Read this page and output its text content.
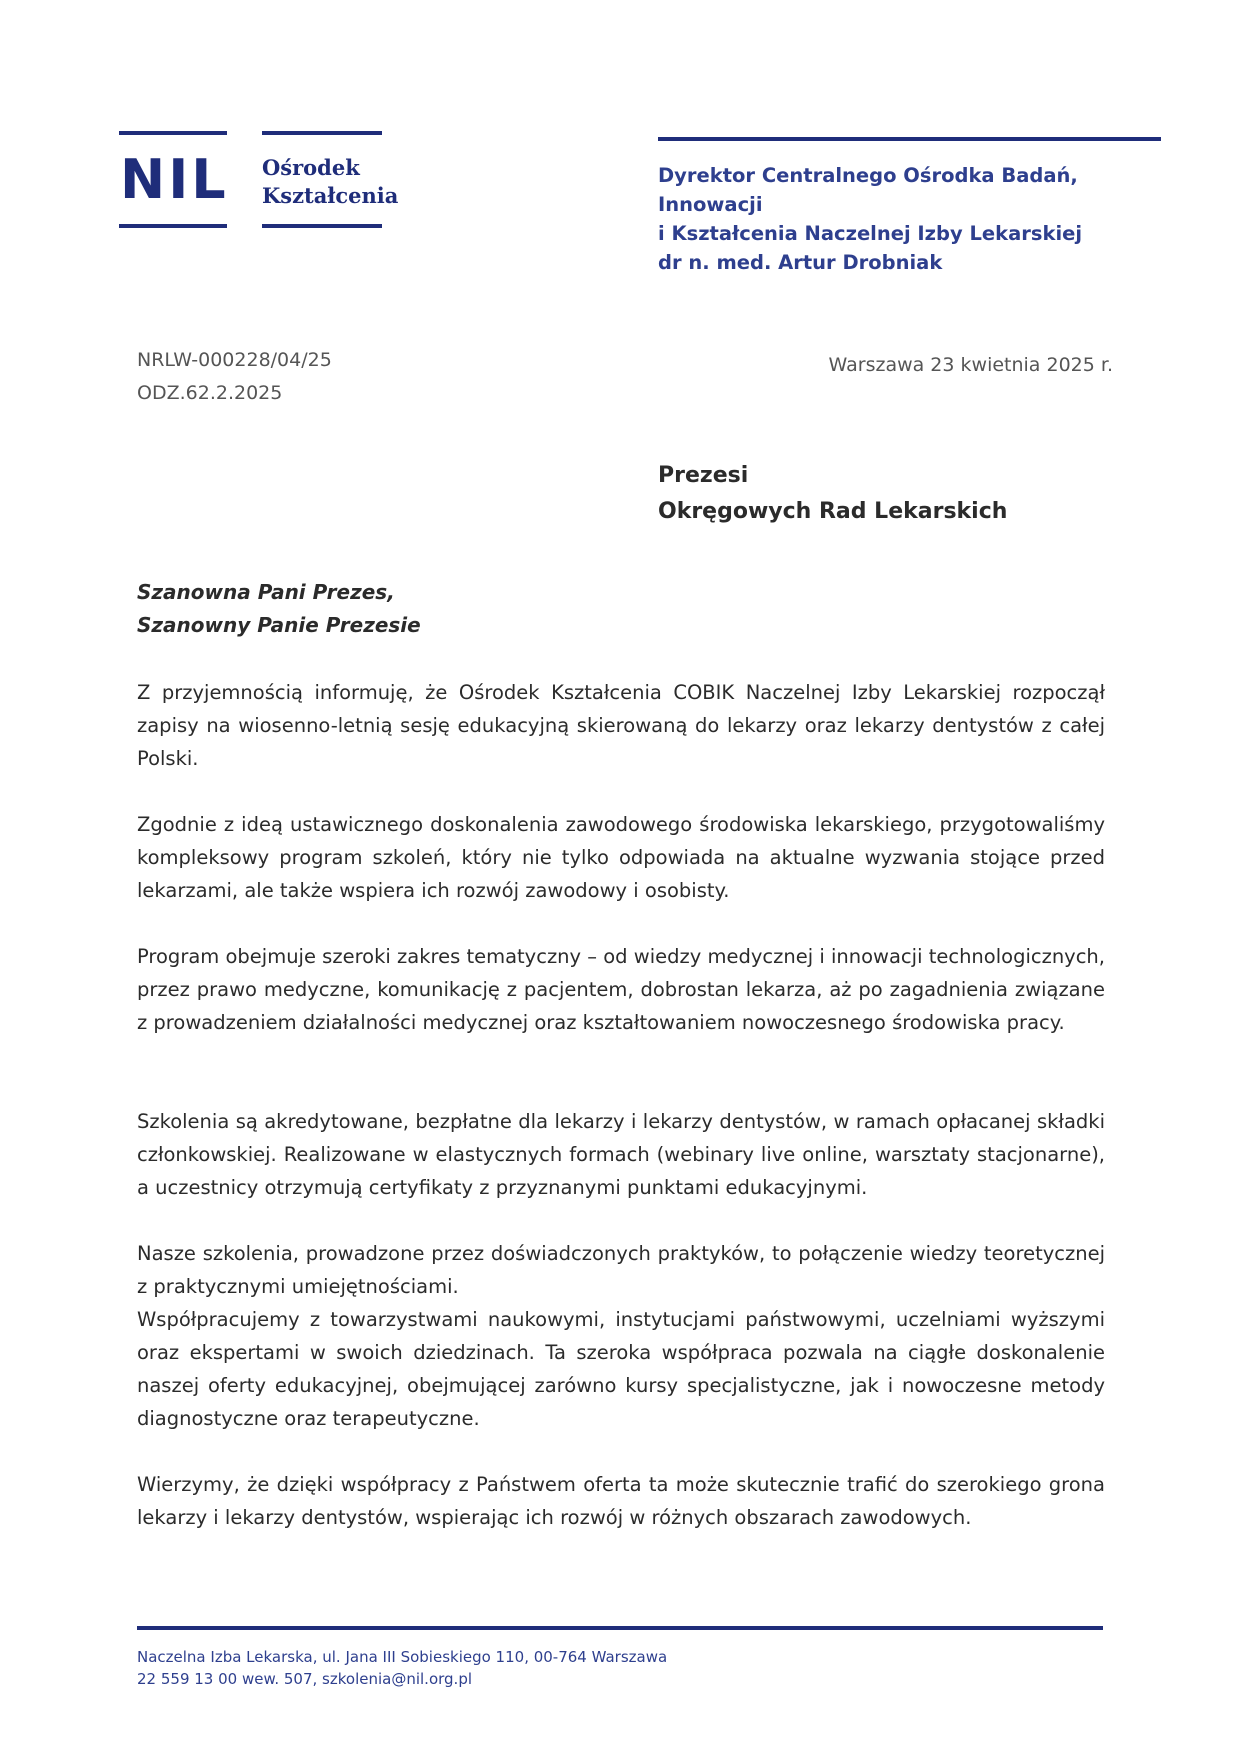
NIL Ośrodek
Kształcenia
Dyrektor Centralnego Ośrodka Badań, Innowacji
i Kształcenia Naczelnej Izby Lekarskiej
dr n. med. Artur Drobniak
NRLW-000228/04/25
ODZ.62.2.2025
Warszawa 23 kwietnia 2025 r.
Prezesi
Okręgowych Rad Lekarskich
Szanowna Pani Prezes,
Szanowny Panie Prezesie

Z przyjemnością informuję, że Ośrodek Kształcenia COBIK Naczelnej Izby Lekarskiej rozpoczął zapisy na wiosenno-letnią sesję edukacyjną skierowaną do lekarzy oraz lekarzy dentystów z całej Polski.

Zgodnie z ideą ustawicznego doskonalenia zawodowego środowiska lekarskiego, przygotowaliśmy kompleksowy program szkoleń, który nie tylko odpowiada na aktualne wyzwania stojące przed lekarzami, ale także wspiera ich rozwój zawodowy i osobisty.

Program obejmuje szeroki zakres tematyczny – od wiedzy medycznej i innowacji technologicznych, przez prawo medyczne, komunikację z pacjentem, dobrostan lekarza, aż po zagadnienia związane z prowadzeniem działalności medycznej oraz kształtowaniem nowoczesnego środowiska pracy.

Szkolenia są akredytowane, bezpłatne dla lekarzy i lekarzy dentystów, w ramach opłacanej składki członkowskiej. Realizowane w elastycznych formach (webinary live online, warsztaty stacjonarne), a uczestnicy otrzymują certyfikaty z przyznanymi punktami edukacyjnymi.

Nasze szkolenia, prowadzone przez doświadczonych praktyków, to połączenie wiedzy teoretycznej z praktycznymi umiejętnościami.

Współpracujemy z towarzystwami naukowymi, instytucjami państwowymi, uczelniami wyższymi oraz ekspertami w swoich dziedzinach. Ta szeroka współpraca pozwala na ciągłe doskonalenie naszej oferty edukacyjnej, obejmującej zarówno kursy specjalistyczne, jak i nowoczesne metody diagnostyczne oraz terapeutyczne.

Wierzymy, że dzięki współpracy z Państwem oferta ta może skutecznie trafić do szerokiego grona lekarzy i lekarzy dentystów, wspierając ich rozwój w różnych obszarach zawodowych.

Naczelna Izba Lekarska, ul. Jana III Sobieskiego 110, 00-764 Warszawa
22 559 13 00 wew. 507, szkolenia@nil.org.pl
